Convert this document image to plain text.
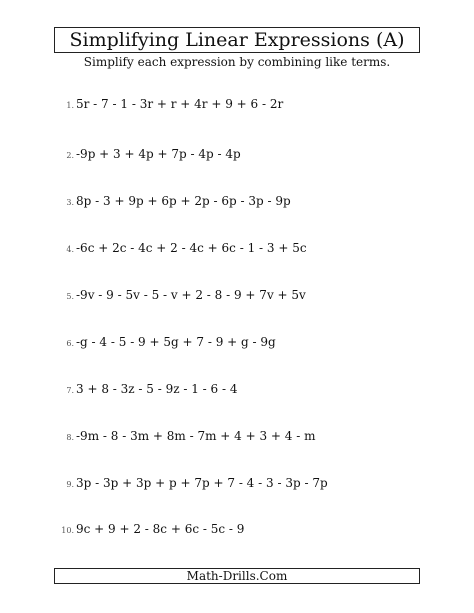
Simplifying Linear Expressions (A)
Simplify each expression by combining like terms.
1. 5r - 7 - 1 - 3r + r + 4r + 9 + 6 - 2r
2. -9p + 3 + 4p + 7p - 4p - 4p
3. 8p - 3 + 9p + 6p + 2p - 6p - 3p - 9p
4. -6c + 2c - 4c + 2 - 4c + 6c - 1 - 3 + 5c
5. -9v - 9 - 5v - 5 - v + 2 - 8 - 9 + 7v + 5v
6. -g - 4 - 5 - 9 + 5g + 7 - 9 + g - 9g
7. 3 + 8 - 3z - 5 - 9z - 1 - 6 - 4
8. -9m - 8 - 3m + 8m - 7m + 4 + 3 + 4 - m
9. 3p - 3p + 3p + p + 7p + 7 - 4 - 3 - 3p - 7p
10. 9c + 9 + 2 - 8c + 6c - 5c - 9
Math-Drills.Com
